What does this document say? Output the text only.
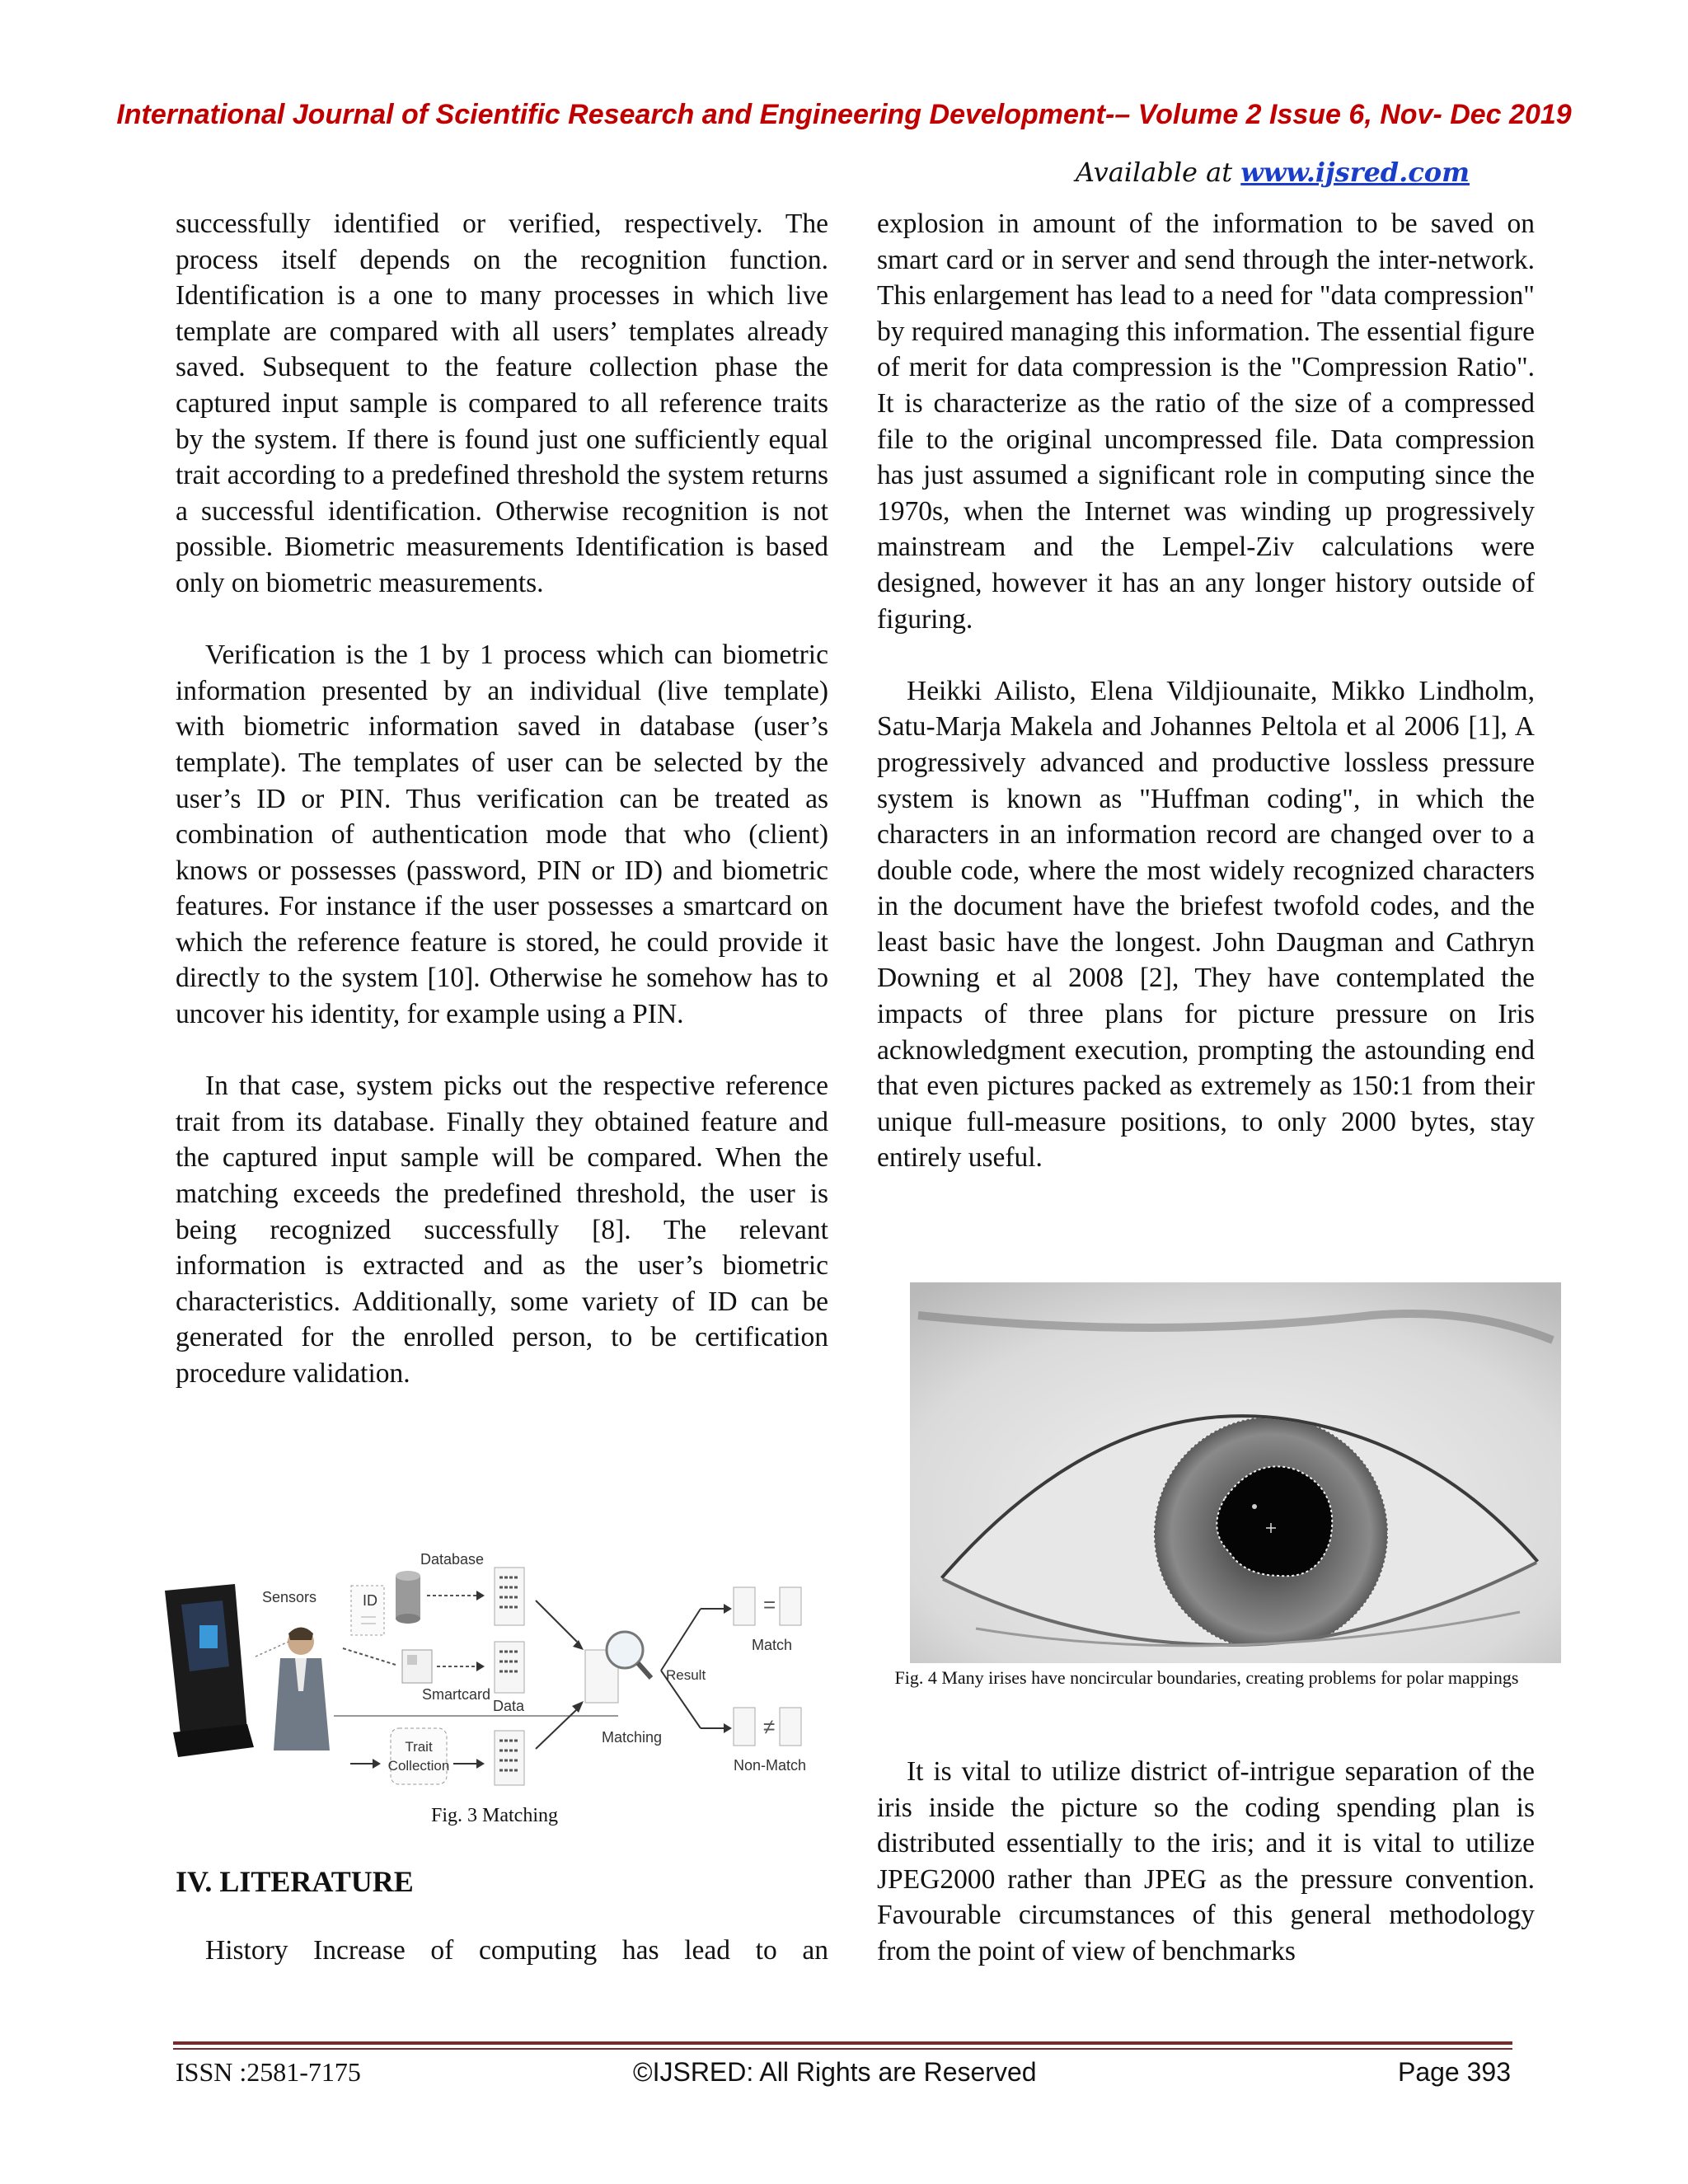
International Journal of Scientific Research and Engineering Development-– Volume 2 Issue 6, Nov- Dec 2019
Available at www.ijsred.com

successfully identified or verified, respectively. The process itself depends on the recognition function. Identification is a one to many processes in which live template are compared with all users’ templates already saved. Subsequent to the feature collection phase the captured input sample is compared to all reference traits by the system. If there is found just one sufficiently equal trait according to a predefined threshold the system returns a successful identification. Otherwise recognition is not possible. Biometric measurements Identification is based only on biometric measurements.

Verification is the 1 by 1 process which can biometric information presented by an individual (live template) with biometric information saved in database (user’s template). The templates of user can be selected by the user’s ID or PIN. Thus verification can be treated as combination of authentication mode that who (client) knows or possesses (password, PIN or ID) and biometric features. For instance if the user possesses a smartcard on which the reference feature is stored, he could provide it directly to the system [10]. Otherwise he somehow has to uncover his identity, for example using a PIN.

In that case, system picks out the respective reference trait from its database. Finally they obtained feature and the captured input sample will be compared. When the matching exceeds the predefined threshold, the user is being recognized successfully [8]. The relevant information is extracted and as the user’s biometric characteristics. Additionally, some variety of ID can be generated for the enrolled person, to be certification procedure validation.

Sensors	ID
Database
Smartcard
Data
Trait
Collection
Matching
Result
=
Match
≠
Non-Match
Fig. 3 Matching
IV. LITERATURE
History Increase of computing has lead to an

explosion in amount of the information to be saved on smart card or in server and send through the inter-network. This enlargement has lead to a need for "data compression" by required managing this information. The essential figure of merit for data compression is the "Compression Ratio". It is characterize as the ratio of the size of a compressed file to the original uncompressed file. Data compression has just assumed a significant role in computing since the 1970s, when the Internet was winding up progressively mainstream and the Lempel-Ziv calculations were designed, however it has an any longer history outside of figuring.

Heikki Ailisto, Elena Vildjiounaite, Mikko Lindholm, Satu-Marja Makela and Johannes Peltola et al 2006 [1], A progressively advanced and productive lossless pressure system is known as "Huffman coding", in which the characters in an information record are changed over to a double code, where the most widely recognized characters in the document have the briefest twofold codes, and the least basic have the longest. John Daugman and Cathryn Downing et al 2008 [2], They have contemplated the impacts of three plans for picture pressure on Iris acknowledgment execution, prompting the astounding end that even pictures packed as extremely as 150:1 from their unique full-measure positions, to only 2000 bytes, stay entirely useful.

Fig. 4 Many irises have noncircular boundaries, creating problems for polar mappings

It is vital to utilize district of-intrigue separation of the iris inside the picture so the coding spending plan is distributed essentially to the iris; and it is vital to utilize JPEG2000 rather than JPEG as the pressure convention. Favourable circumstances of this general methodology from the point of view of benchmarks

ISSN :2581-7175	©IJSRED: All Rights are Reserved	Page 393
